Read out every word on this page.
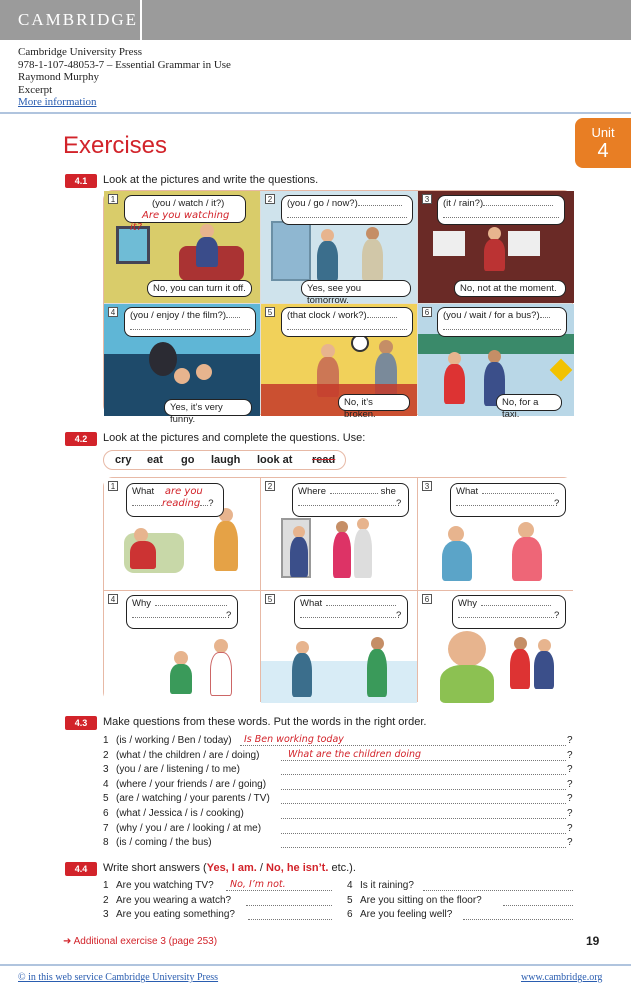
CAMBRIDGE
Cambridge University Press
978-1-107-48053-7 – Essential Grammar in Use
Raymond Murphy
Excerpt
More information
Unit
4
Exercises
4.1	Look at the pictures and write the questions.
1	2	3
4	5	6
(you / watch / it?)
Are you watching it?
No, you can turn it off.
(you / go / now?)

Yes, see you tomorrow.
(it / rain?)

No, not at the moment.
(you / enjoy / the film?)

Yes, it’s very funny.
(that clock / work?)

No, it’s broken.
(you / wait / for a bus?)

No, for a taxi.
4.2	Look at the pictures and complete the questions. Use:
cry eat go laugh look at read
1	2	3
4	5	6
What are you
reading ?
Where	she
?
What
?
Why
?
What
?
Why
?
4.3	Make questions from these words. Put the words in the right order.
1 (is / working / Ben / today) Is Ben working today	?
2 (what / the children / are / doing)	What are the children doing	?
3 (you / are / listening / to me)	?
4 (where / your friends / are / going)	?
5 (are / watching / your parents / TV)	?
6 (what / Jessica / is / cooking)	?
7 (why / you / are / looking / at me)	?
8 (is / coming / the bus)	?
4.4	Write short answers (Yes, I am. / No, he isn’t. etc.).
1 Are you watching TV? No, I’m not.
2 Are you wearing a watch?
3 Are you eating something?
4 Is it raining?
5 Are you sitting on the floor?
6 Are you feeling well?
➜ Additional exercise 3 (page 253)	19
© in this web service Cambridge University Press	www.cambridge.org
